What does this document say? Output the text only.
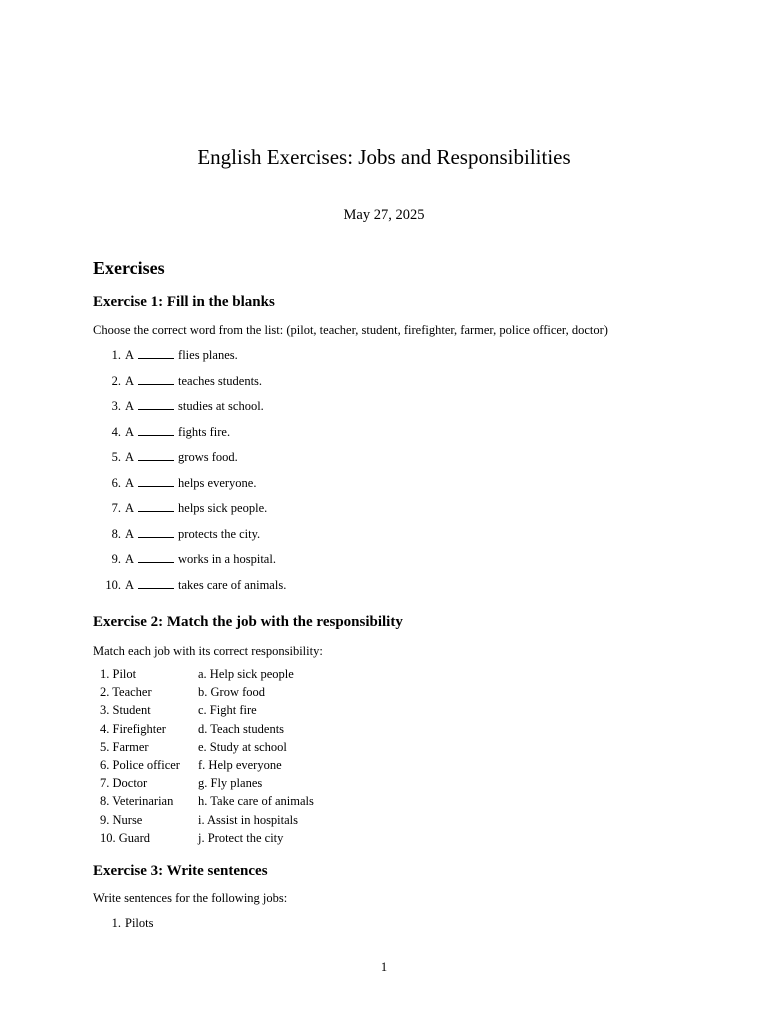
English Exercises: Jobs and Responsibilities
May 27, 2025
Exercises
Exercise 1: Fill in the blanks
Choose the correct word from the list: (pilot, teacher, student, firefighter, farmer, police officer, doctor)
1. A	flies planes.
2. A	teaches students.
3. A	studies at school.
4. A	fights fire.
5. A	grows food.
6. A	helps everyone.
7. A	helps sick people.
8. A	protects the city.
9. A	works in a hospital.
10. A	takes care of animals.
Exercise 2: Match the job with the responsibility
Match each job with its correct responsibility:
1. Pilot	a. Help sick people
2. Teacher	b. Grow food
3. Student	c. Fight fire
4. Firefighter	d. Teach students
5. Farmer	e. Study at school
6. Police officer f. Help everyone
7. Doctor	g. Fly planes
8. Veterinarian h. Take care of animals
9. Nurse	i. Assist in hospitals
10. Guard	j. Protect the city
Exercise 3: Write sentences
Write sentences for the following jobs:
1. Pilots
1
